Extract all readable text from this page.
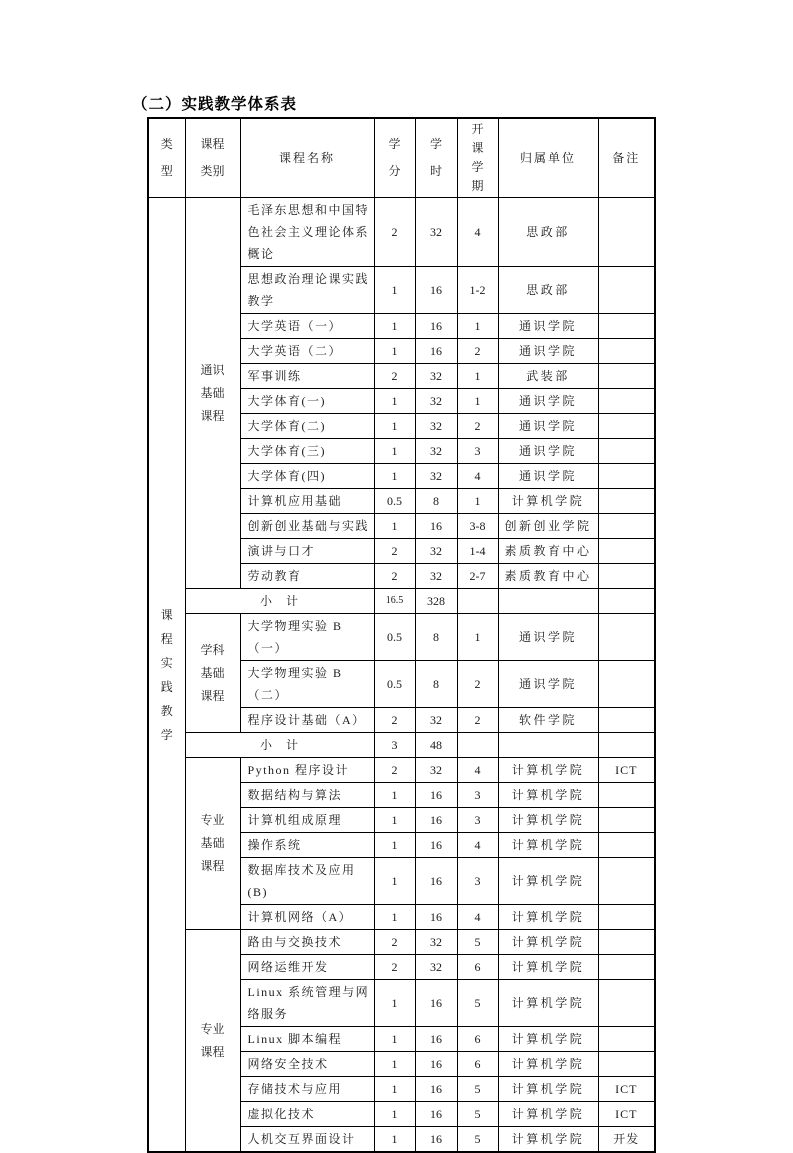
（二）实践教学体系表
类型	课程类别	课程名称	学分	学时	开课学期	归属单位	备注

课程实践教学	通识基础课程	毛泽东思想和中国特色社会主义理论体系概论	2	32	4	思政部	
		思想政治理论课实践教学	1	16	1-2	思政部	
		大学英语（一）	1	16	1	通识学院	
		大学英语（二）	1	16	2	通识学院	
		军事训练	2	32	1	武装部	
		大学体育(一)	1	32	1	通识学院	
		大学体育(二)	1	32	2	通识学院	
		大学体育(三)	1	32	3	通识学院	
		大学体育(四)	1	32	4	通识学院	
		计算机应用基础	0.5	8	1	计算机学院	
		创新创业基础与实践	1	16	3-8	创新创业学院	
		演讲与口才	2	32	1-4	素质教育中心	
		劳动教育	2	32	2-7	素质教育中心	
	小　计		16.5	328			

	学科基础课程	大学物理实验 B（一）	0.5	8	1	通识学院	
		大学物理实验 B（二）	0.5	8	2	通识学院	
		程序设计基础（A）	2	32	2	软件学院	
	小　计		3	48			

	专业基础课程	Python 程序设计	2	32	4	计算机学院	ICT
		数据结构与算法	1	16	3	计算机学院	
		计算机组成原理	1	16	3	计算机学院	
		操作系统	1	16	4	计算机学院	
		数据库技术及应用(B)	1	16	3	计算机学院	
		计算机网络（A）	1	16	4	计算机学院	

	专业课程	路由与交换技术	2	32	5	计算机学院	
		网络运维开发	2	32	6	计算机学院	
		Linux 系统管理与网络服务	1	16	5	计算机学院	
		Linux 脚本编程	1	16	6	计算机学院	
		网络安全技术	1	16	6	计算机学院	
		存储技术与应用	1	16	5	计算机学院	ICT
		虚拟化技术	1	16	5	计算机学院	ICT
		人机交互界面设计	1	16	5	计算机学院	开发
